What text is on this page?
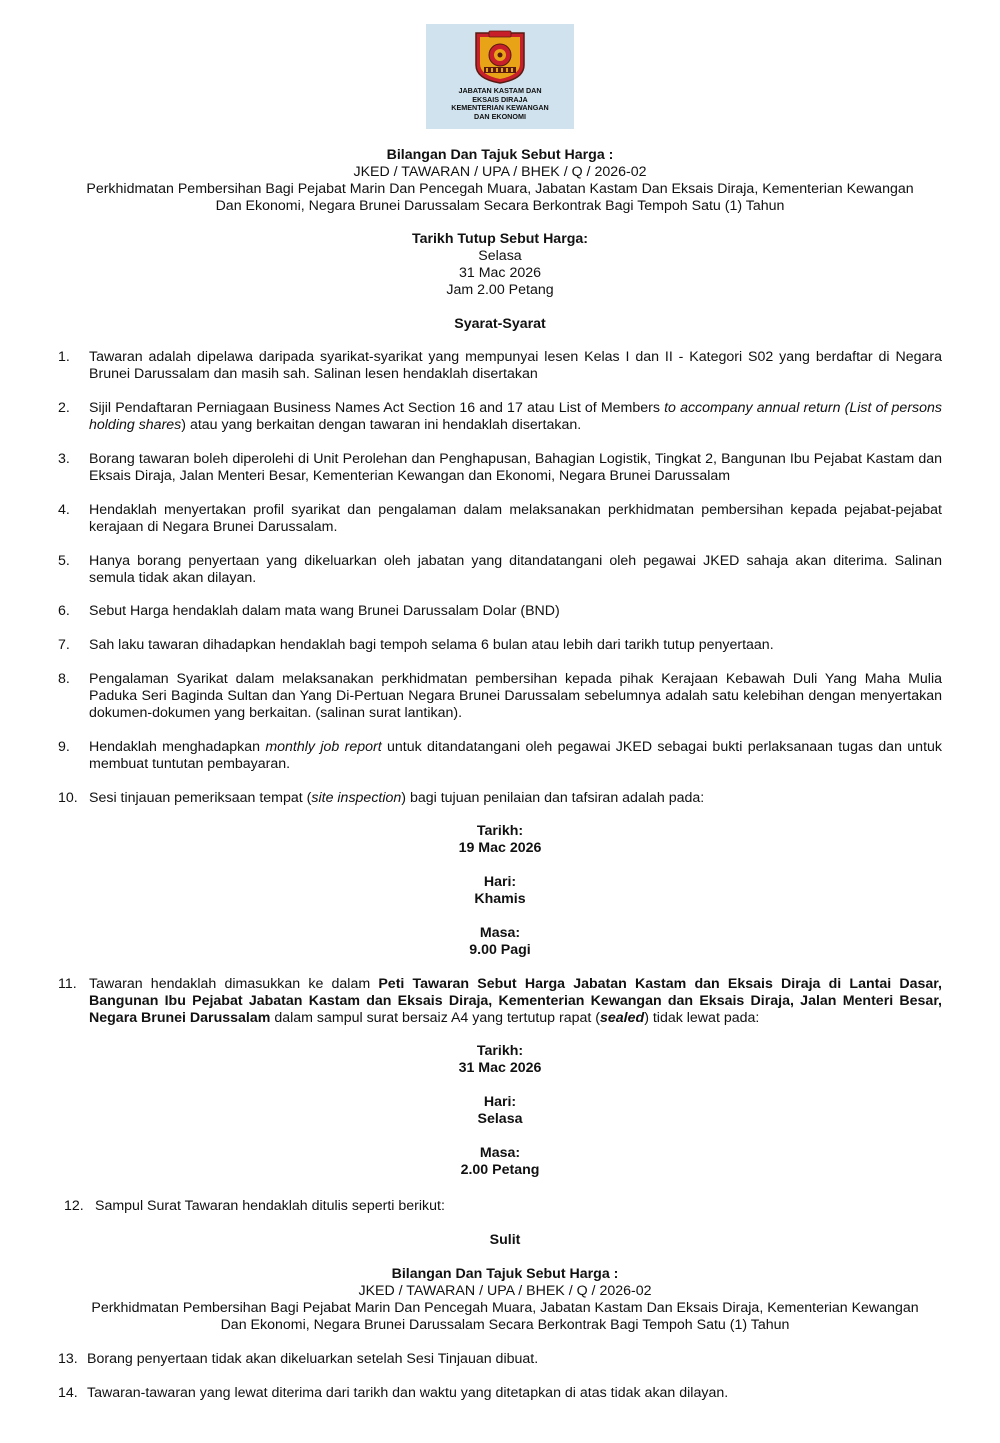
JABATAN KASTAM DAN
EKSAIS DIRAJA
KEMENTERIAN KEWANGAN
DAN EKONOMI
Bilangan Dan Tajuk Sebut Harga :
JKED / TAWARAN / UPA / BHEK / Q / 2026-02
Perkhidmatan Pembersihan Bagi Pejabat Marin Dan Pencegah Muara, Jabatan Kastam Dan Eksais Diraja, Kementerian Kewangan
Dan Ekonomi, Negara Brunei Darussalam Secara Berkontrak Bagi Tempoh Satu (1) Tahun
Tarikh Tutup Sebut Harga:
Selasa
31 Mac 2026
Jam 2.00 Petang
Syarat-Syarat
1.	Tawaran adalah dipelawa daripada syarikat-syarikat yang mempunyai lesen Kelas I dan II - Kategori S02 yang berdaftar di Negara Brunei Darussalam dan masih sah. Salinan lesen hendaklah disertakan
2.	Sijil Pendaftaran Perniagaan Business Names Act Section 16 and 17 atau List of Members to accompany annual return (List of persons holding shares) atau yang berkaitan dengan tawaran ini hendaklah disertakan.
3.	Borang tawaran boleh diperolehi di Unit Perolehan dan Penghapusan, Bahagian Logistik, Tingkat 2, Bangunan Ibu Pejabat Kastam dan Eksais Diraja, Jalan Menteri Besar, Kementerian Kewangan dan Ekonomi, Negara Brunei Darussalam
4.	Hendaklah menyertakan profil syarikat dan pengalaman dalam melaksanakan perkhidmatan pembersihan kepada pejabat-pejabat kerajaan di Negara Brunei Darussalam.
5.	Hanya borang penyertaan yang dikeluarkan oleh jabatan yang ditandatangani oleh pegawai JKED sahaja akan diterima. Salinan semula tidak akan dilayan.
6.	Sebut Harga hendaklah dalam mata wang Brunei Darussalam Dolar (BND)
7.	Sah laku tawaran dihadapkan hendaklah bagi tempoh selama 6 bulan atau lebih dari tarikh tutup penyertaan.
8.	Pengalaman Syarikat dalam melaksanakan perkhidmatan pembersihan kepada pihak Kerajaan Kebawah Duli Yang Maha Mulia Paduka Seri Baginda Sultan dan Yang Di-Pertuan Negara Brunei Darussalam sebelumnya adalah satu kelebihan dengan menyertakan dokumen-dokumen yang berkaitan. (salinan surat lantikan).
9.	Hendaklah menghadapkan monthly job report untuk ditandatangani oleh pegawai JKED sebagai bukti perlaksanaan tugas dan untuk membuat tuntutan pembayaran.
10. Sesi tinjauan pemeriksaan tempat (site inspection) bagi tujuan penilaian dan tafsiran adalah pada:
Tarikh:
19 Mac 2026
Hari:
Khamis
Masa:
9.00 Pagi
11. Tawaran hendaklah dimasukkan ke dalam Peti Tawaran Sebut Harga Jabatan Kastam dan Eksais Diraja di Lantai Dasar, Bangunan Ibu Pejabat Jabatan Kastam dan Eksais Diraja, Kementerian Kewangan dan Eksais Diraja, Jalan Menteri Besar, Negara Brunei Darussalam dalam sampul surat bersaiz A4 yang tertutup rapat (sealed) tidak lewat pada:
Tarikh:
31 Mac 2026
Hari:
Selasa
Masa:
2.00 Petang
12. Sampul Surat Tawaran hendaklah ditulis seperti berikut:
Sulit
Bilangan Dan Tajuk Sebut Harga :
JKED / TAWARAN / UPA / BHEK / Q / 2026-02
Perkhidmatan Pembersihan Bagi Pejabat Marin Dan Pencegah Muara, Jabatan Kastam Dan Eksais Diraja, Kementerian Kewangan
Dan Ekonomi, Negara Brunei Darussalam Secara Berkontrak Bagi Tempoh Satu (1) Tahun
13. Borang penyertaan tidak akan dikeluarkan setelah Sesi Tinjauan dibuat.
14. Tawaran-tawaran yang lewat diterima dari tarikh dan waktu yang ditetapkan di atas tidak akan dilayan.
